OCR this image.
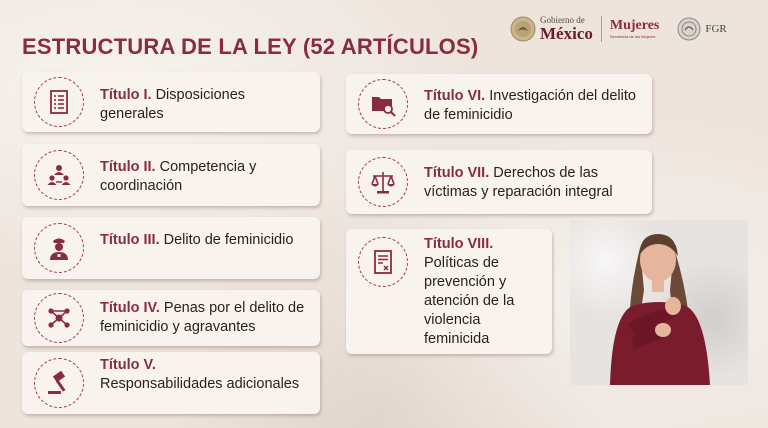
ESTRUCTURA DE LA LEY (52 ARTÍCULOS)
Gobierno de
México Mujeres
Secretaría de las Mujeres
FGR
Título I. Disposiciones generales
Título II. Competencia y coordinación
Título III. Delito de feminicidio
Título IV. Penas por el delito de feminicidio y agravantes
Título V.
Responsabilidades adicionales
Título VI. Investigación del delito de feminicidio
Título VII. Derechos de las víctimas y reparación integral
Título VIII.
Políticas de prevención y atención de la violencia feminicida
